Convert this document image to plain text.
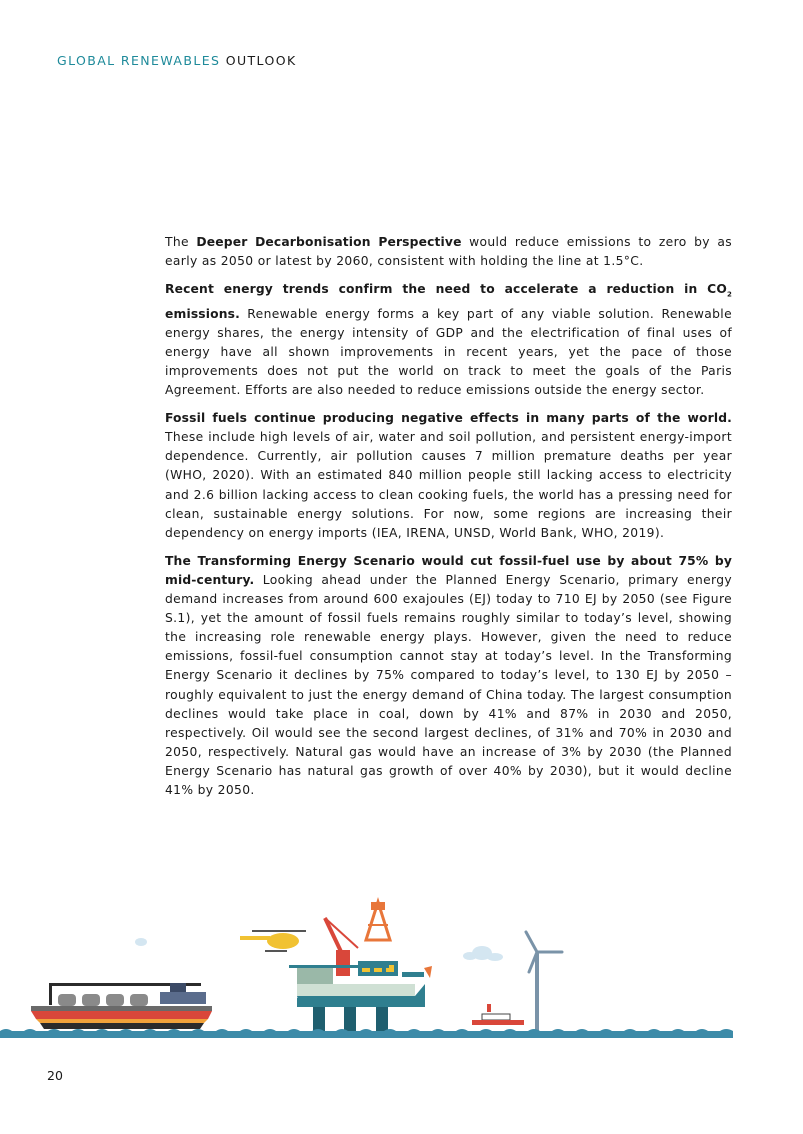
GLOBAL RENEWABLES OUTLOOK

The Deeper Decarbonisation Perspective would reduce emissions to zero by as early as 2050 or latest by 2060, consistent with holding the line at 1.5°C.

Recent energy trends confirm the need to accelerate a reduction in $CO_2$ emissions. Renewable energy forms a key part of any viable solution. Renewable energy shares, the energy intensity of GDP and the electrification of final uses of energy have all shown improvements in recent years, yet the pace of those improvements does not put the world on track to meet the goals of the Paris Agreement. Efforts are also needed to reduce emissions outside the energy sector.

Fossil fuels continue producing negative effects in many parts of the world. These include high levels of air, water and soil pollution, and persistent energy-import dependence. Currently, air pollution causes 7 million premature deaths per year (WHO, 2020). With an estimated 840 million people still lacking access to electricity and 2.6 billion lacking access to clean cooking fuels, the world has a pressing need for clean, sustainable energy solutions. For now, some regions are increasing their dependency on energy imports (IEA, IRENA, UNSD, World Bank, WHO, 2019).

The Transforming Energy Scenario would cut fossil-fuel use by about 75% by mid-century. Looking ahead under the Planned Energy Scenario, primary energy demand increases from around 600 exajoules (EJ) today to 710 EJ by 2050 (see Figure S.1), yet the amount of fossil fuels remains roughly similar to today’s level, showing the increasing role renewable energy plays. However, given the need to reduce emissions, fossil-fuel consumption cannot stay at today’s level. In the Transforming Energy Scenario it declines by 75% compared to today’s level, to 130 EJ by 2050 – roughly equivalent to just the energy demand of China today. The largest consumption declines would take place in coal, down by 41% and 87% in 2030 and 2050, respectively. Oil would see the second largest declines, of 31% and 70% in 2030 and 2050, respectively. Natural gas would have an increase of 3% by 2030 (the Planned Energy Scenario has natural gas growth of over 40% by 2030), but it would decline 41% by 2050.

20
